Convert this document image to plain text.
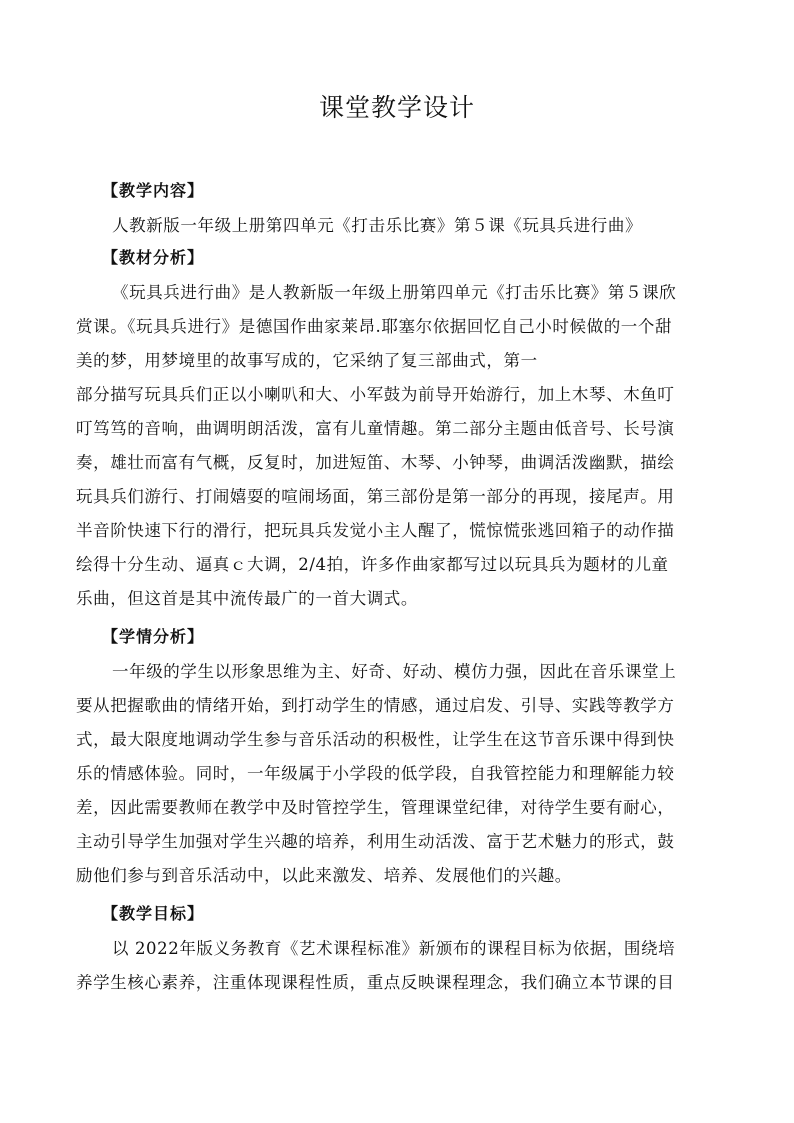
课堂教学设计
【教学内容】
人教新版一年级上册第四单元《打击乐比赛》第５课《玩具兵进行曲》
【教材分析】
《玩具兵进行曲》是人教新版一年级上册第四单元《打击乐比赛》第５课欣
赏课。《玩具兵进行》是德国作曲家莱昂.耶塞尔依据回忆自己小时候做的一个甜
美的梦，用梦境里的故事写成的，它采纳了复三部曲式，第一
部分描写玩具兵们正以小喇叭和大、小军鼓为前导开始游行，加上木琴、木鱼叮
叮笃笃的音响，曲调明朗活泼，富有儿童情趣。第二部分主题由低音号、长号演
奏，雄壮而富有气概，反复时，加进短笛、木琴、小钟琴，曲调活泼幽默，描绘
玩具兵们游行、打闹嬉耍的喧闹场面，第三部份是第一部分的再现，接尾声。用
半音阶快速下行的滑行，把玩具兵发觉小主人醒了，慌惊慌张逃回箱子的动作描
绘得十分生动、逼真ｃ大调，2/4拍，许多作曲家都写过以玩具兵为题材的儿童
乐曲，但这首是其中流传最广的一首大调式。
【学情分析】
一年级的学生以形象思维为主、好奇、好动、模仿力强，因此在音乐课堂上
要从把握歌曲的情绪开始，到打动学生的情感，通过启发、引导、实践等教学方
式，最大限度地调动学生参与音乐活动的积极性，让学生在这节音乐课中得到快
乐的情感体验。同时，一年级属于小学段的低学段，自我管控能力和理解能力较
差，因此需要教师在教学中及时管控学生，管理课堂纪律，对待学生要有耐心，
主动引导学生加强对学生兴趣的培养，利用生动活泼、富于艺术魅力的形式，鼓
励他们参与到音乐活动中，以此来激发、培养、发展他们的兴趣。
【教学目标】
以 2022年版义务教育《艺术课程标准》新颁布的课程目标为依据，围绕培
养学生核心素养，注重体现课程性质，重点反映课程理念，我们确立本节课的目
